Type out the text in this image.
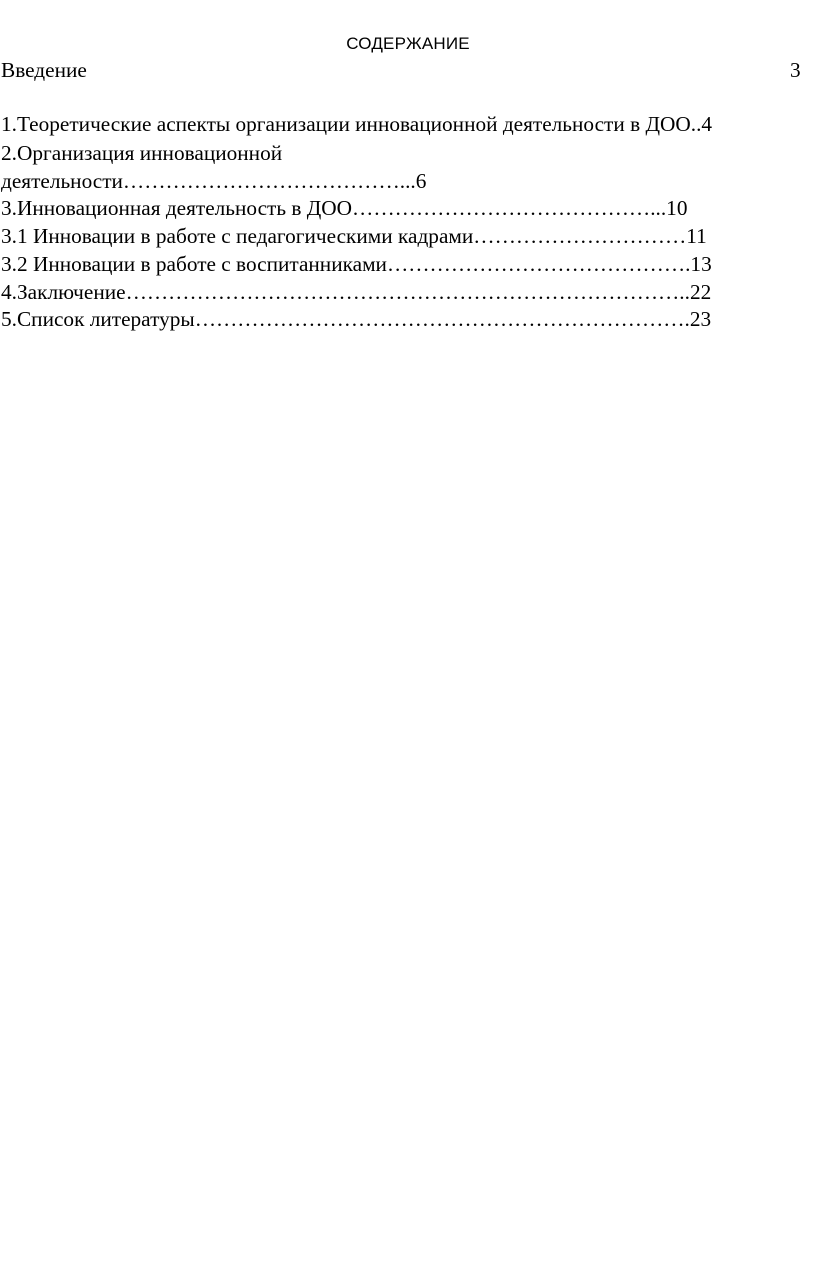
СОДЕРЖАНИЕ
Введение	3
1.Теоретические аспекты организации инновационной деятельности в ДОО..4
2.Организация инновационной
деятельности…………………………………...6
3.Инновационная деятельность в ДОО……………………………………...10
3.1 Инновации в работе с педагогическими кадрами…………………………11
3.2 Инновации в работе с воспитанниками…………………………………….13
4.Заключение……………………………………………………………………..22
5.Список литературы…………………………………………………………….23
